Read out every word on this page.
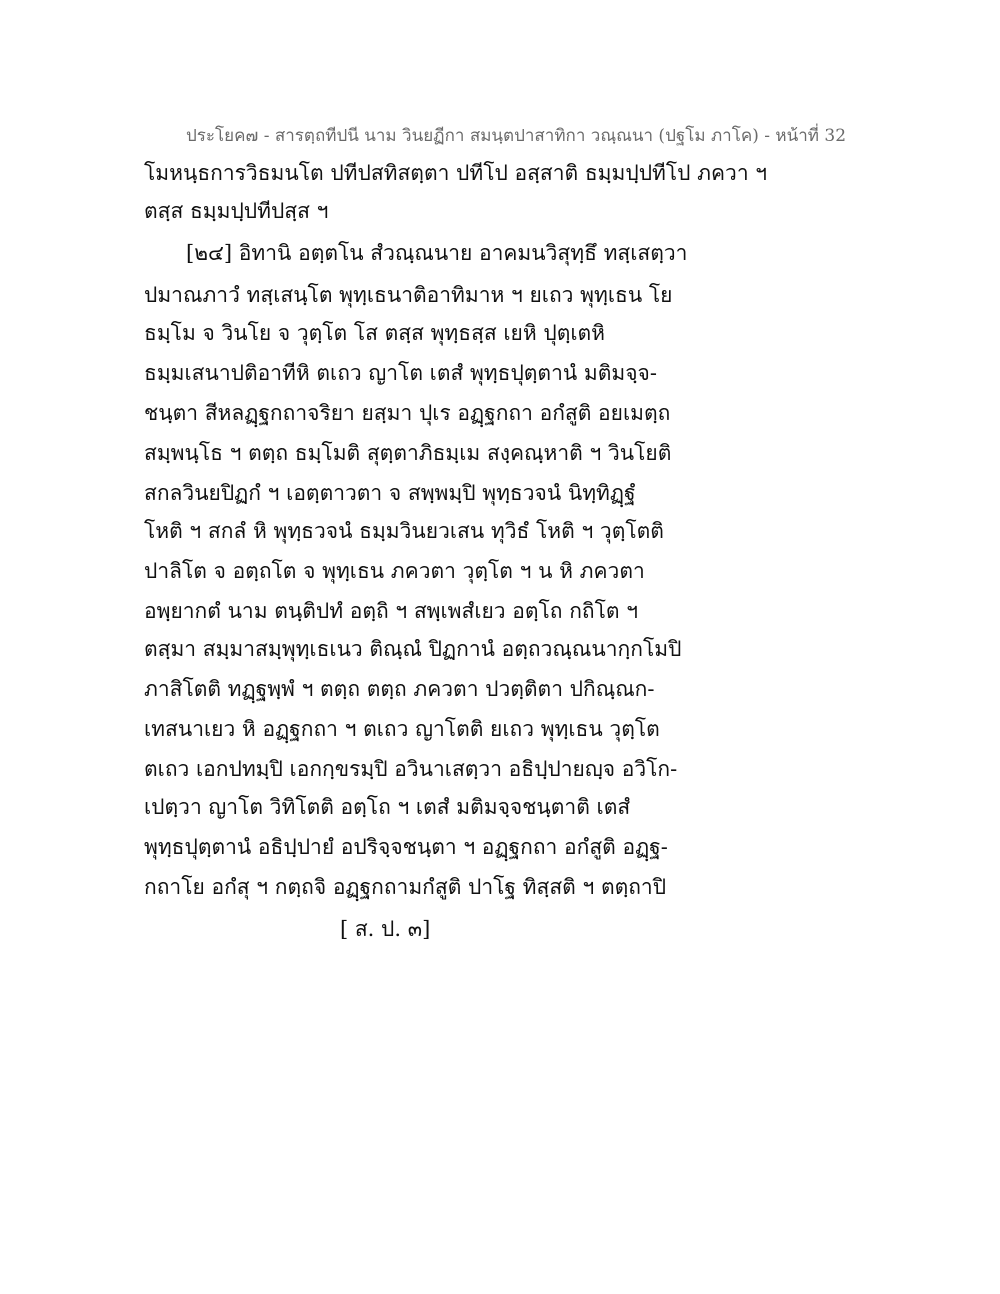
ประโยค๗ - สารตฺถทีปนี นาม วินยฏีกา สมนฺตปาสาทิกา วณฺณนา (ปฐโม ภาโค) - หน้าที่ 32
โมหนฺธการวิธมนโต ปทีปสทิสตฺตา ปทีโป อสฺสาติ ธมฺมปฺปทีโป ภควา ฯ
ตสฺส ธมฺมปฺปทีปสฺส ฯ
[๒๔] อิทานิ อตฺตโน สํวณฺณนาย อาคมนวิสุทฺธึ ทสฺเสตฺวา
ปมาณภาวํ ทสฺเสนฺโต พุทฺเธนาติอาทิมาห ฯ ยเถว พุทฺเธน โย
ธมฺโม จ วินโย จ วุตฺโต โส ตสฺส พุทฺธสฺส เยหิ ปุตฺเตหิ
ธมฺมเสนาปติอาทีหิ ตเถว ญาโต เตสํ พุทฺธปุตฺตานํ มติมจฺจ-
ชนฺตา สีหลฏฺฐกถาจริยา ยสฺมา ปุเร อฏฺฐกถา อกํสูติ อยเมตฺถ
สมฺพนฺโธ ฯ ตตฺถ ธมฺโมติ สุตฺตาภิธมฺเม สงฺคณฺหาติ ฯ วินโยติ
สกลวินยปิฏกํ ฯ เอตฺตาวตา จ สพฺพมฺปิ พุทฺธวจนํ นิทฺทิฏฺฐํ
โหติ ฯ สกลํ หิ พุทฺธวจนํ ธมฺมวินยวเสน ทุวิธํ โหติ ฯ วุตฺโตติ
ปาลิโต จ อตฺถโต จ พุทฺเธน ภควตา วุตฺโต ฯ น หิ ภควตา
อพฺยากตํ นาม ตนฺติปทํ อตฺถิ ฯ สพฺเพสํเยว อตฺโถ กถิโต ฯ
ตสฺมา สมฺมาสมฺพุทฺเธเนว ติณฺณํ ปิฏกานํ อตฺถวณฺณนากฺกโมปิ
ภาสิโตติ ทฏฺฐพฺพํ ฯ ตตฺถ ตตฺถ ภควตา ปวตฺติตา ปกิณฺณก-
เทสนาเยว หิ อฏฺฐกถา ฯ ตเถว ญาโตติ ยเถว พุทฺเธน วุตฺโต
ตเถว เอกปทมฺปิ เอกกฺขรมฺปิ อวินาเสตฺวา อธิปฺปายญฺจ อวิโก-
เปตฺวา ญาโต วิทิโตติ อตฺโถ ฯ เตสํ มติมจฺจชนฺตาติ เตสํ
พุทฺธปุตฺตานํ อธิปฺปายํ อปริจฺจชนฺตา ฯ อฏฺฐกถา อกํสูติ อฏฺฐ-
กถาโย อกํสุ ฯ กตฺถจิ อฏฺฐกถามกํสูติ ปาโฐ ทิสฺสติ ฯ ตตฺถาปิ
[ ส. ป. ๓]
